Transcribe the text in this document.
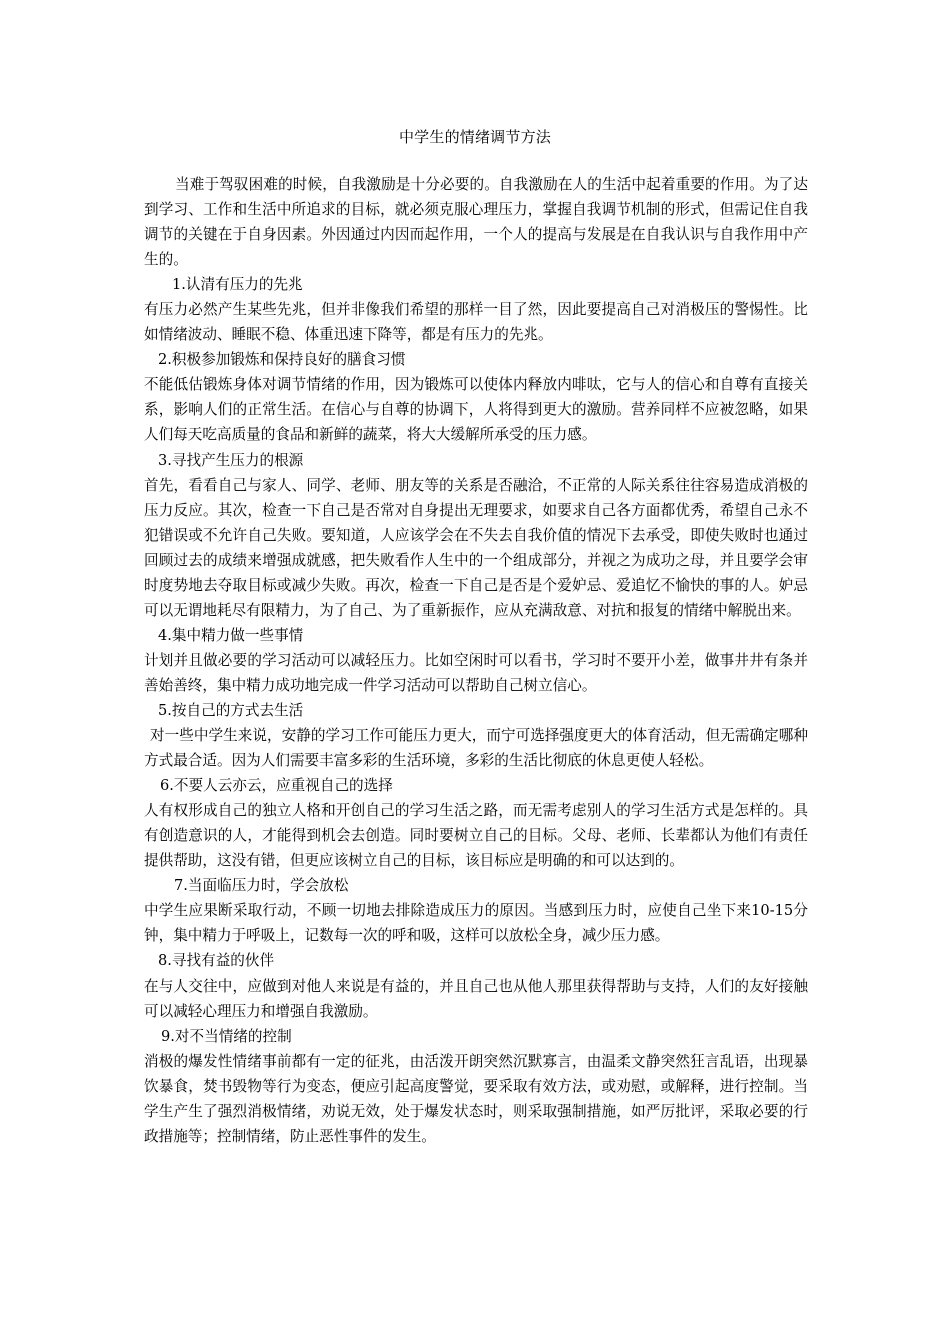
中学生的情绪调节方法

当难于驾驭困难的时候，自我激励是十分必要的。自我激励在人的生活中起着重要的作用。为了达到学习、工作和生活中所追求的目标，就必须克服心理压力，掌握自我调节机制的形式，但需记住自我调节的关键在于自身因素。外因通过内因而起作用，一个人的提高与发展是在自我认识与自我作用中产生的。

1.认清有压力的先兆

有压力必然产生某些先兆，但并非像我们希望的那样一目了然，因此要提高自己对消极压的警惕性。比如情绪波动、睡眠不稳、体重迅速下降等，都是有压力的先兆。

2.积极参加锻炼和保持良好的膳食习惯

不能低估锻炼身体对调节情绪的作用，因为锻炼可以使体内释放内啡呔，它与人的信心和自尊有直接关系，影响人们的正常生活。在信心与自尊的协调下，人将得到更大的激励。营养同样不应被忽略，如果人们每天吃高质量的食品和新鲜的蔬菜，将大大缓解所承受的压力感。

3.寻找产生压力的根源

首先，看看自己与家人、同学、老师、朋友等的关系是否融洽，不正常的人际关系往往容易造成消极的压力反应。其次，检查一下自己是否常对自身提出无理要求，如要求自己各方面都优秀，希望自己永不犯错误或不允许自己失败。要知道，人应该学会在不失去自我价值的情况下去承受，即使失败时也通过回顾过去的成绩来增强成就感，把失败看作人生中的一个组成部分，并视之为成功之母，并且要学会审时度势地去夺取目标或减少失败。再次，检查一下自己是否是个爱妒忌、爱追忆不愉快的事的人。妒忌可以无谓地耗尽有限精力，为了自己、为了重新振作，应从充满敌意、对抗和报复的情绪中解脱出来。

4.集中精力做一些事情

计划并且做必要的学习活动可以减轻压力。比如空闲时可以看书，学习时不要开小差，做事井井有条并善始善终，集中精力成功地完成一件学习活动可以帮助自己树立信心。

5.按自己的方式去生活

对一些中学生来说，安静的学习工作可能压力更大，而宁可选择强度更大的体育活动，但无需确定哪种方式最合适。因为人们需要丰富多彩的生活环境，多彩的生活比彻底的休息更使人轻松。

6.不要人云亦云，应重视自己的选择

人有权形成自己的独立人格和开创自己的学习生活之路，而无需考虑别人的学习生活方式是怎样的。具有创造意识的人，才能得到机会去创造。同时要树立自己的目标。父母、老师、长辈都认为他们有责任提供帮助，这没有错，但更应该树立自己的目标，该目标应是明确的和可以达到的。

7.当面临压力时，学会放松

中学生应果断采取行动，不顾一切地去排除造成压力的原因。当感到压力时，应使自己坐下来10-15分钟，集中精力于呼吸上，记数每一次的呼和吸，这样可以放松全身，减少压力感。

8.寻找有益的伙伴

在与人交往中，应做到对他人来说是有益的，并且自己也从他人那里获得帮助与支持，人们的友好接触可以减轻心理压力和增强自我激励。

9.对不当情绪的控制

消极的爆发性情绪事前都有一定的征兆，由活泼开朗突然沉默寡言，由温柔文静突然狂言乱语，出现暴饮暴食，焚书毁物等行为变态，便应引起高度警觉，要采取有效方法，或劝慰，或解释，进行控制。当学生产生了强烈消极情绪，劝说无效，处于爆发状态时，则采取强制措施，如严厉批评，采取必要的行政措施等；控制情绪，防止恶性事件的发生。
